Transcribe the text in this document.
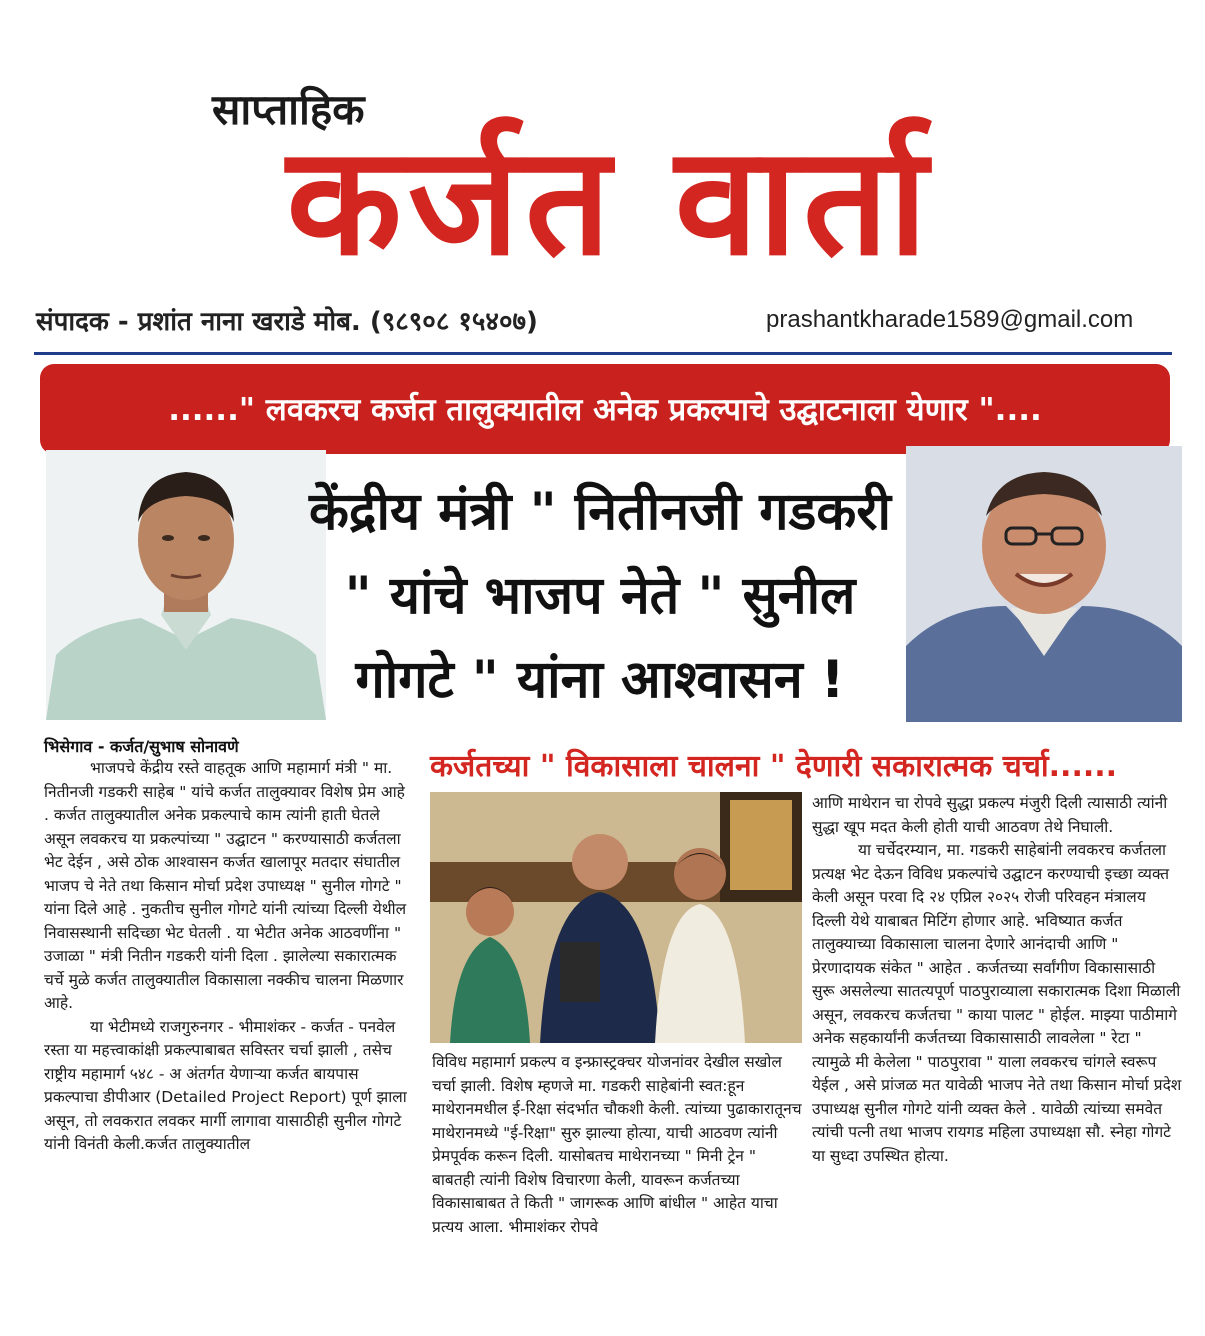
साप्ताहिक
कर्जत वार्ता
संपादक - प्रशांत नाना खराडे मोब. (९८९०८ १५४०७)	prashantkharade1589@gmail.com
......" लवकरच कर्जत तालुक्यातील अनेक प्रकल्पाचे उद्घाटनाला येणार "....
केंद्रीय मंत्री " नितीनजी गडकरी
" यांचे भाजप नेते " सुनील
गोगटे " यांना आश्वासन !
भिसेगाव - कर्जत/सुभाष सोनावणे
कर्जतच्या " विकासाला चालना " देणारी सकारात्मक चर्चा......

भाजपचे केंद्रीय रस्ते वाहतूक आणि महामार्ग मंत्री " मा. नितीनजी गडकरी साहेब " यांचे कर्जत तालुक्यावर विशेष प्रेम आहे . कर्जत तालुक्यातील अनेक प्रकल्पाचे काम त्यांनी हाती घेतले असून लवकरच या प्रकल्पांच्या " उद्घाटन " करण्यासाठी कर्जतला भेट देईन , असे ठोक आश्वासन कर्जत खालापूर मतदार संघातील भाजप चे नेते तथा किसान मोर्चा प्रदेश उपाध्यक्ष " सुनील गोगटे " यांना दिले आहे . नुकतीच सुनील गोगटे यांनी त्यांच्या दिल्ली येथील निवासस्थानी सदिच्छा भेट घेतली . या भेटीत अनेक आठवणींना " उजाळा " मंत्री नितीन गडकरी यांनी दिला . झालेल्या सकारात्मक चर्चे मुळे कर्जत तालुक्यातील विकासाला नक्कीच चालना मिळणार आहे.

या भेटीमध्ये राजगुरुनगर - भीमाशंकर - कर्जत - पनवेल रस्ता या महत्त्वाकांक्षी प्रकल्पाबाबत सविस्तर चर्चा झाली , तसेच राष्ट्रीय महामार्ग ५४८ - अ अंतर्गत येणाऱ्या कर्जत बायपास प्रकल्पाचा डीपीआर (Detailed Project Report) पूर्ण झाला असून, तो लवकरात लवकर मार्गी लागावा यासाठीही सुनील गोगटे यांनी विनंती केली.कर्जत तालुक्यातील

विविध महामार्ग प्रकल्प व इन्फ्रास्ट्रक्चर योजनांवर देखील सखोल चर्चा झाली. विशेष म्हणजे मा. गडकरी साहेबांनी स्वत:हून माथेरानमधील ई-रिक्षा संदर्भात चौकशी केली. त्यांच्या पुढाकारातूनच माथेरानमध्ये "ई-रिक्षा" सुरु झाल्या होत्या, याची आठवण त्यांनी प्रेमपूर्वक करून दिली. यासोबतच माथेरानच्या " मिनी ट्रेन " बाबतही त्यांनी विशेष विचारणा केली, यावरून कर्जतच्या विकासाबाबत ते किती " जागरूक आणि बांधील " आहेत याचा प्रत्यय आला. भीमाशंकर रोपवे

आणि माथेरान चा रोपवे सुद्धा प्रकल्प मंजुरी दिली त्यासाठी त्यांनी सुद्धा खूप मदत केली होती याची आठवण तेथे निघाली.

या चर्चेदरम्यान, मा. गडकरी साहेबांनी लवकरच कर्जतला प्रत्यक्ष भेट देऊन विविध प्रकल्पांचे उद्घाटन करण्याची इच्छा व्यक्त केली असून परवा दि २४ एप्रिल २०२५ रोजी परिवहन मंत्रालय दिल्ली येथे याबाबत मिटिंग होणार आहे. भविष्यात कर्जत तालुक्याच्या विकासाला चालना देणारे आनंदाची आणि " प्रेरणादायक संकेत " आहेत . कर्जतच्या सर्वांगीण विकासासाठी सुरू असलेल्या सातत्यपूर्ण पाठपुराव्याला सकारात्मक दिशा मिळाली असून, लवकरच कर्जतचा " काया पालट " होईल. माझ्या पाठीमागे अनेक सहकार्यांनी कर्जतच्या विकासासाठी लावलेला " रेटा " त्यामुळे मी केलेला " पाठपुरावा " याला लवकरच चांगले स्वरूप येईल , असे प्रांजळ मत यावेळी भाजप नेते तथा किसान मोर्चा प्रदेश उपाध्यक्ष सुनील गोगटे यांनी व्यक्त केले . यावेळी त्यांच्या समवेत त्यांची पत्नी तथा भाजप रायगड महिला उपाध्यक्षा सौ. स्नेहा गोगटे या सुध्दा उपस्थित होत्या.
